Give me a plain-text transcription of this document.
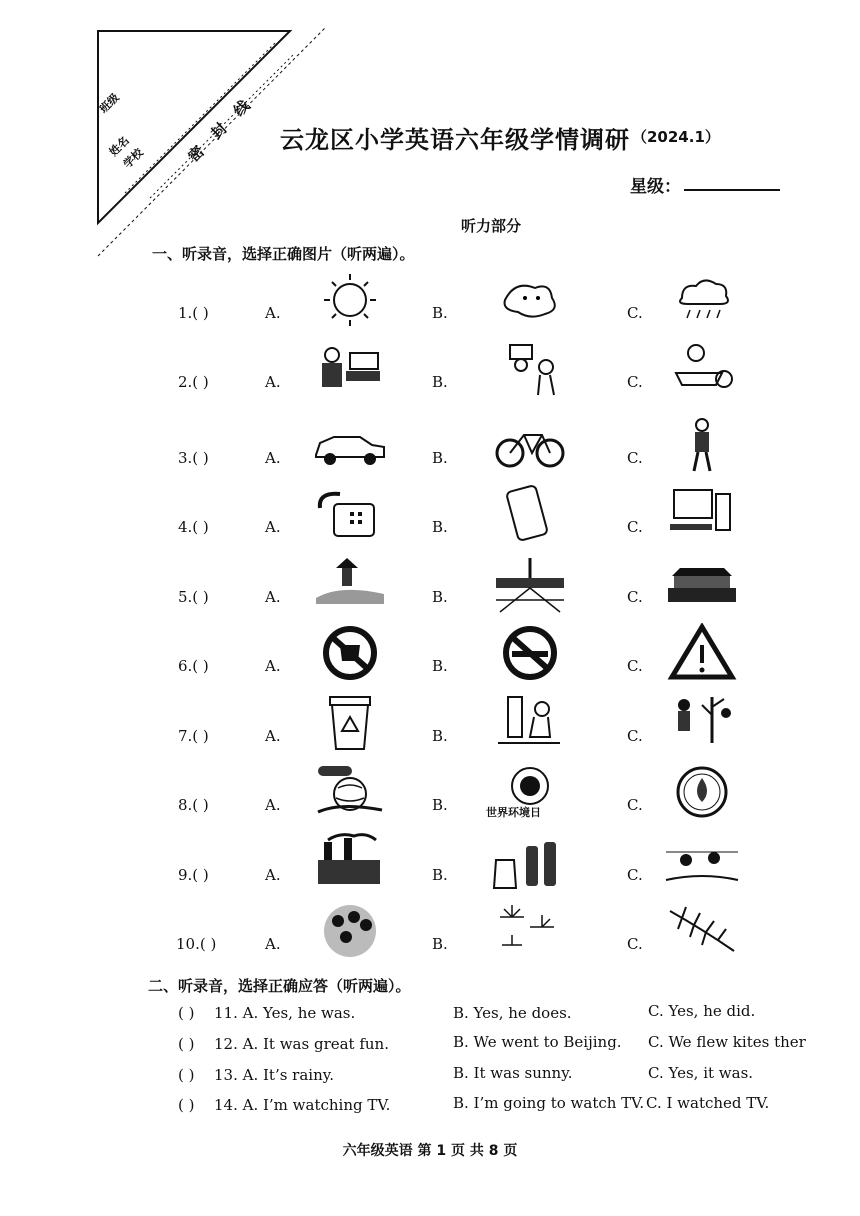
班级
姓名
学校	密 封 线 云龙区小学英语六年级学情调研 （2024.1）
星级：
听力部分
一、听录音，选择正确图片（听两遍）。
1.( )	A.	B.	C.
2.( )	A.	B.	C.
3.( )	A.	B.	C.
4.( )	A.	B.	C.
5.( )	A.	B.	C.
6.( )	A.	B.	C.
7.( )	A.	B.	C.
8.( )	A.	B.	C.
9.( )	A.	B.	C.
10.( )	A.	B.	C.
世界环境日
二、听录音，选择正确应答（听两遍）。
( ) 11. A. Yes, he was.	B. Yes, he does.	C. Yes, he did.
( ) 12. A. It was great fun.	B. We went to Beijing. C. We flew kites ther
( ) 13. A. It’s rainy.	B. It was sunny.	C. Yes, it was.
( ) 14. A. I’m watching TV.	B. I’m going to watch TV. C. I watched TV.
六年级英语 第 1 页 共 8 页
